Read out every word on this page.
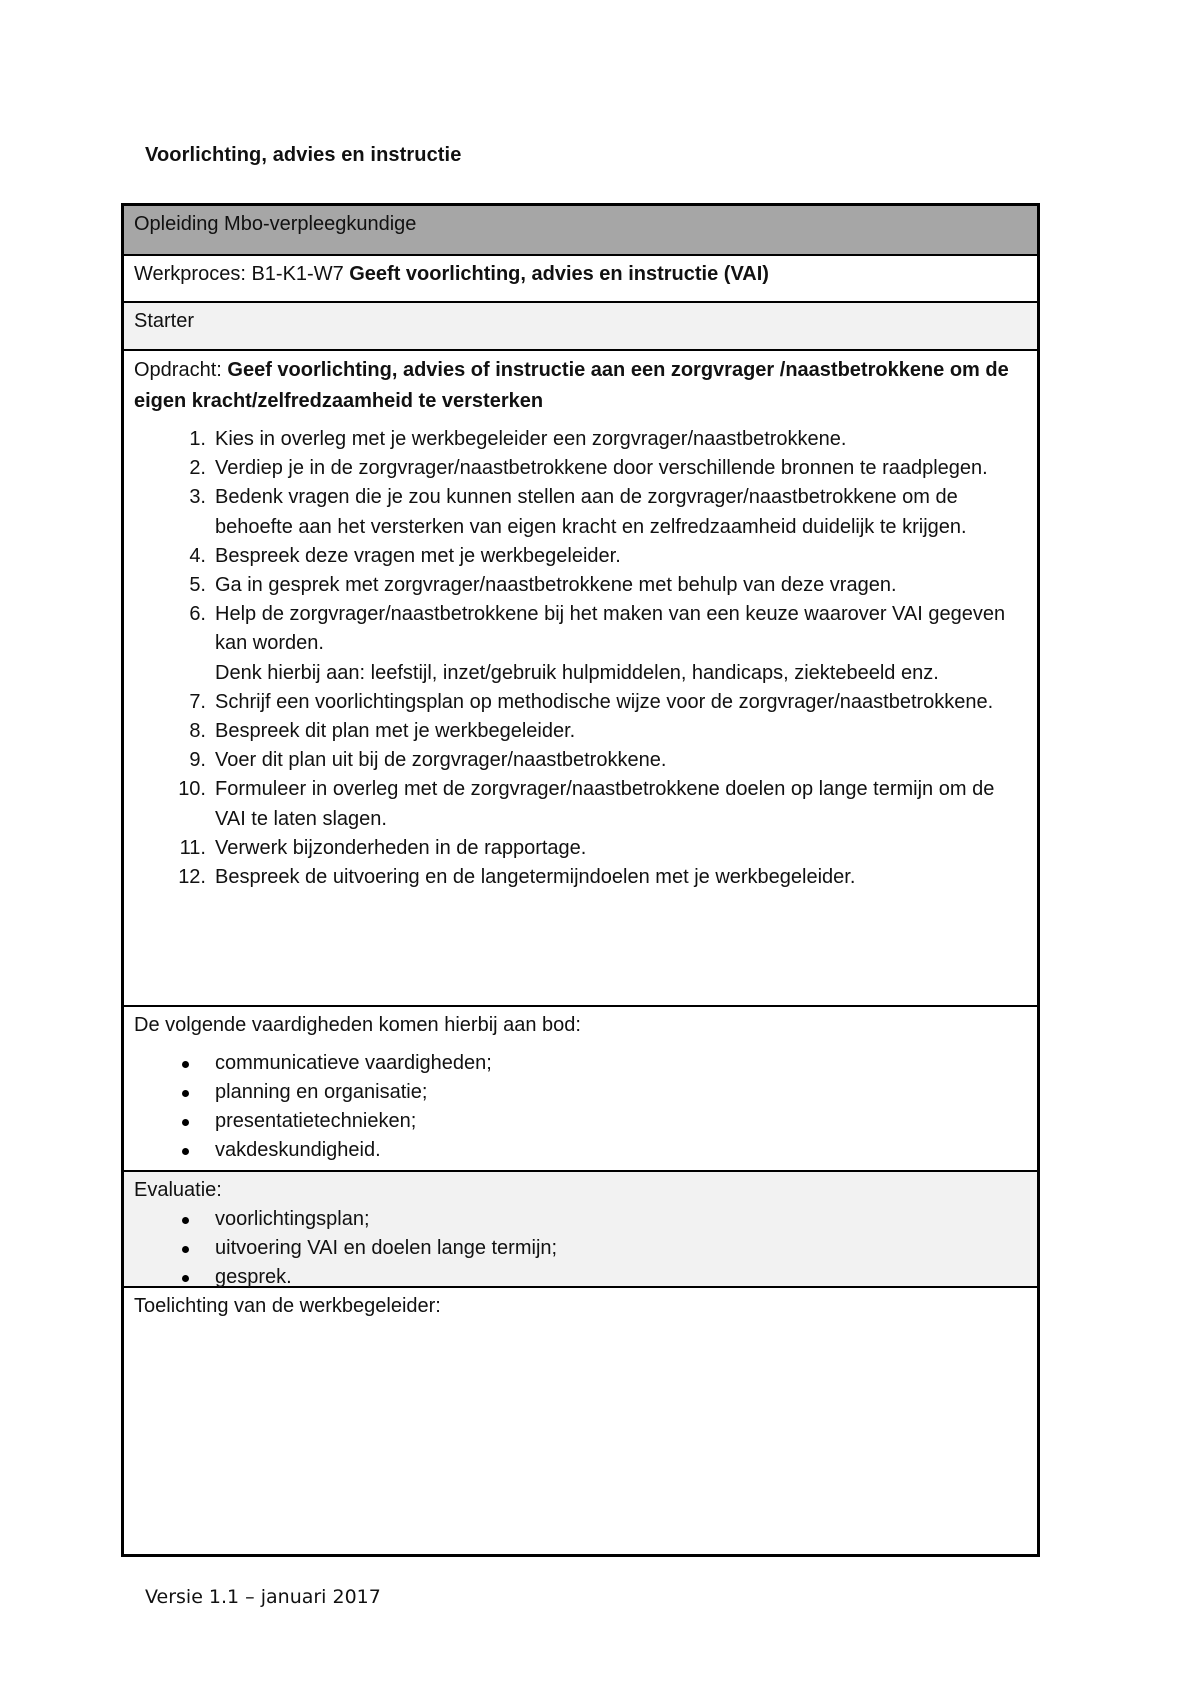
Voorlichting, advies en instructie
Opleiding Mbo-verpleegkundige
Werkproces: B1-K1-W7 Geeft voorlichting, advies en instructie (VAI)
Starter
Opdracht: Geef voorlichting, advies of instructie aan een zorgvrager /naastbetrokkene om de eigen kracht/zelfredzaamheid te versterken
1. Kies in overleg met je werkbegeleider een zorgvrager/naastbetrokkene.
2. Verdiep je in de zorgvrager/naastbetrokkene door verschillende bronnen te raadplegen.
3. Bedenk vragen die je zou kunnen stellen aan de zorgvrager/naastbetrokkene om de behoefte aan het versterken van eigen kracht en zelfredzaamheid duidelijk te krijgen.
4. Bespreek deze vragen met je werkbegeleider.
5. Ga in gesprek met zorgvrager/naastbetrokkene met behulp van deze vragen.
6. Help de zorgvrager/naastbetrokkene bij het maken van een keuze waarover VAI gegeven kan worden.
Denk hierbij aan: leefstijl, inzet/gebruik hulpmiddelen, handicaps, ziektebeeld enz.
7. Schrijf een voorlichtingsplan op methodische wijze voor de zorgvrager/naastbetrokkene.
8. Bespreek dit plan met je werkbegeleider.
9. Voer dit plan uit bij de zorgvrager/naastbetrokkene.
10. Formuleer in overleg met de zorgvrager/naastbetrokkene doelen op lange termijn om de VAI te laten slagen.
11. Verwerk bijzonderheden in de rapportage.
12. Bespreek de uitvoering en de langetermijndoelen met je werkbegeleider.
De volgende vaardigheden komen hierbij aan bod:
communicatieve vaardigheden;
planning en organisatie;
presentatietechnieken;
vakdeskundigheid.
Evaluatie:
voorlichtingsplan;
uitvoering VAI en doelen lange termijn;
gesprek.
Toelichting van de werkbegeleider:
Versie 1.1 – januari 2017
